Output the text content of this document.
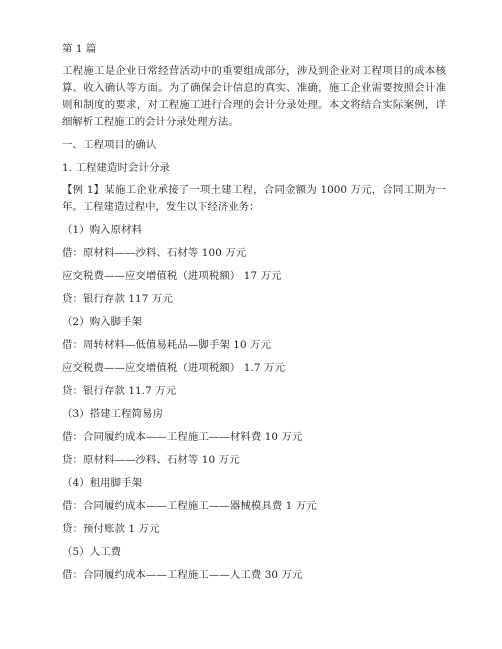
第 1 篇

工程施工是企业日常经营活动中的重要组成部分，涉及到企业对工程项目的成本核算、收入确认等方面。为了确保会计信息的真实、准确，施工企业需要按照会计准则和制度的要求，对工程施工进行合理的会计分录处理。本文将结合实际案例，详细解析工程施工的会计分录处理方法。

一、工程项目的确认

1. 工程建造时会计分录

【例 1】某施工企业承接了一项土建工程，合同金额为 1000 万元，合同工期为一年。工程建造过程中，发生以下经济业务：

（1）购入原材料

借：原材料——沙料、石材等 100 万元

应交税费——应交增值税（进项税额） 17 万元

贷：银行存款 117 万元

（2）购入脚手架

借：周转材料—低值易耗品—脚手架 10 万元

应交税费——应交增值税（进项税额） 1.7 万元

贷：银行存款 11.7 万元

（3）搭建工程简易房

借：合同履约成本——工程施工——材料费 10 万元

贷：原材料——沙料、石材等 10 万元

（4）租用脚手架

借：合同履约成本——工程施工——器械模具费 1 万元

贷：预付账款 1 万元

（5）人工费

借：合同履约成本——工程施工——人工费 30 万元
